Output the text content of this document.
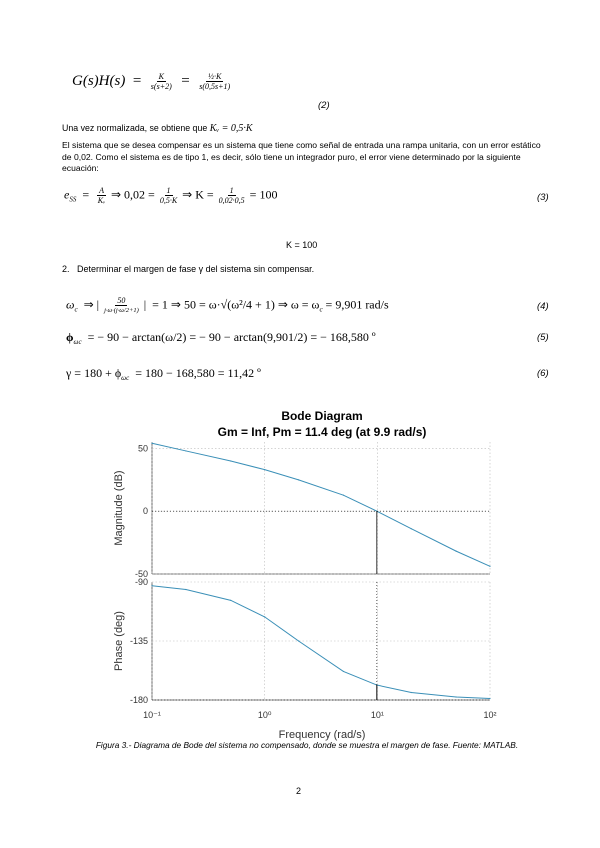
$G(s)H(s) = \frac{K}{s(s+2)} = \frac{\text{½·K}}{s(0,5s+1)}$
(2)
Una vez normalizada, se obtiene que Kᵥ = 0,5·K
El sistema que se desea compensar es un sistema que tiene como señal de entrada una rampa unitaria, con un error estático de 0,02. Como el sistema es de tipo 1, es decir, sólo tiene un integrador puro, el error viene determinado por la siguiente ecuación:
$e_{SS} = \frac{A}{\text{Kᵥ}}$ ⇒ $0,02 = \frac{1}{0,5\cdot K}$ ⇒ $K = \frac{1}{0,02\cdot 0,5} = 100$	(3)
K = 100
2. Determinar el margen de fase γ del sistema sin compensar.
$\omega_c$  ⇒ | $\frac{50}{j\cdot\omega\cdot(j\cdot\omega/2+1)}$ |  = 1 ⇒ 50 = ω·√(ω²/4 + 1) ⇒ $\omega = \omega_c = 9,901$ rad/s	(4)
$\phi_{\omega c}$ = − 90 − arctan(ω/2) = − 90 − arctan(9,901/2) = − 168,580 º	(5)
$\gamma = 180 + \phi_{\omega c} = 180 - 168,580 = 11,42$ º	(6)
Bode Diagram
Gm = Inf, Pm = 11.4 deg (at 9.9 rad/s)
50
0
-50
Magnitude (dB)
-90
-135
-180
Phase (deg)
10⁻¹	10⁰	10¹	10²
Frequency (rad/s)
Figura 3.- Diagrama de Bode del sistema no compensado, donde se muestra el margen de fase. Fuente: MATLAB.
2
